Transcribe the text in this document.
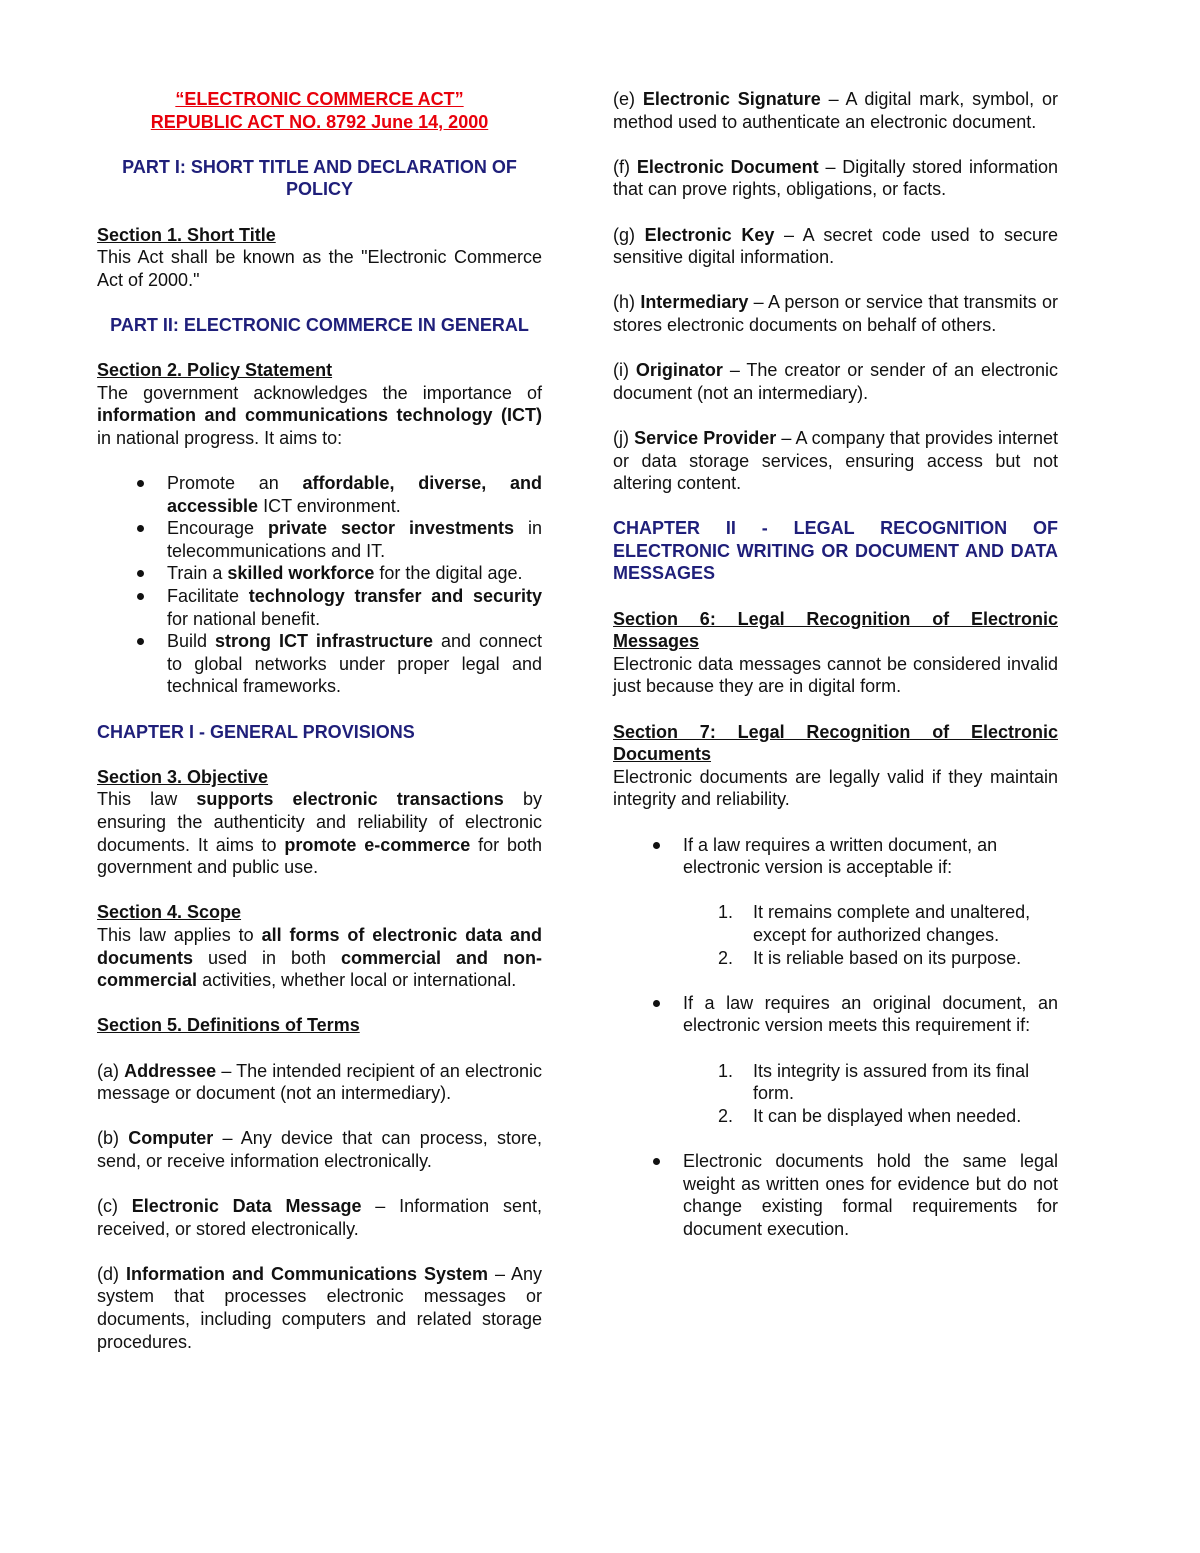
“ELECTRONIC COMMERCE ACT”

REPUBLIC ACT NO. 8792 June 14, 2000

PART I: SHORT TITLE AND DECLARATION OF POLICY

Section 1. Short Title

This Act shall be known as the "Electronic Commerce Act of 2000."

PART II: ELECTRONIC COMMERCE IN GENERAL

Section 2. Policy Statement

The government acknowledges the importance of information and communications technology (ICT) in national progress. It aims to:

Promote an affordable, diverse, and accessible ICT environment.
Encourage private sector investments in telecommunications and IT.
Train a skilled workforce for the digital age.
Facilitate technology transfer and security for national benefit.
Build strong ICT infrastructure and connect to global networks under proper legal and technical frameworks.

CHAPTER I - GENERAL PROVISIONS

Section 3. Objective

This law supports electronic transactions by ensuring the authenticity and reliability of electronic documents. It aims to promote e-commerce for both government and public use.

Section 4. Scope

This law applies to all forms of electronic data and documents used in both commercial and non-commercial activities, whether local or international.

Section 5. Definitions of Terms

(a) Addressee – The intended recipient of an electronic message or document (not an intermediary).

(b) Computer – Any device that can process, store, send, or receive information electronically.

(c) Electronic Data Message – Information sent, received, or stored electronically.

(d) Information and Communications System – Any system that processes electronic messages or documents, including computers and related storage procedures.

(e) Electronic Signature – A digital mark, symbol, or method used to authenticate an electronic document.

(f) Electronic Document – Digitally stored information that can prove rights, obligations, or facts.

(g) Electronic Key – A secret code used to secure sensitive digital information.

(h) Intermediary – A person or service that transmits or stores electronic documents on behalf of others.

(i) Originator – The creator or sender of an electronic document (not an intermediary).

(j) Service Provider – A company that provides internet or data storage services, ensuring access but not altering content.

CHAPTER II - LEGAL RECOGNITION OF ELECTRONIC WRITING OR DOCUMENT AND DATA MESSAGES

Section 6: Legal Recognition of Electronic Messages

Electronic data messages cannot be considered invalid just because they are in digital form.

Section 7: Legal Recognition of Electronic Documents

Electronic documents are legally valid if they maintain integrity and reliability.

If a law requires a written document, an electronic version is acceptable if:

1. It remains complete and unaltered, except for authorized changes.
2. It is reliable based on its purpose.

If a law requires an original document, an electronic version meets this requirement if:

1. Its integrity is assured from its final form.
2. It can be displayed when needed.

Electronic documents hold the same legal weight as written ones for evidence but do not change existing formal requirements for document execution.
